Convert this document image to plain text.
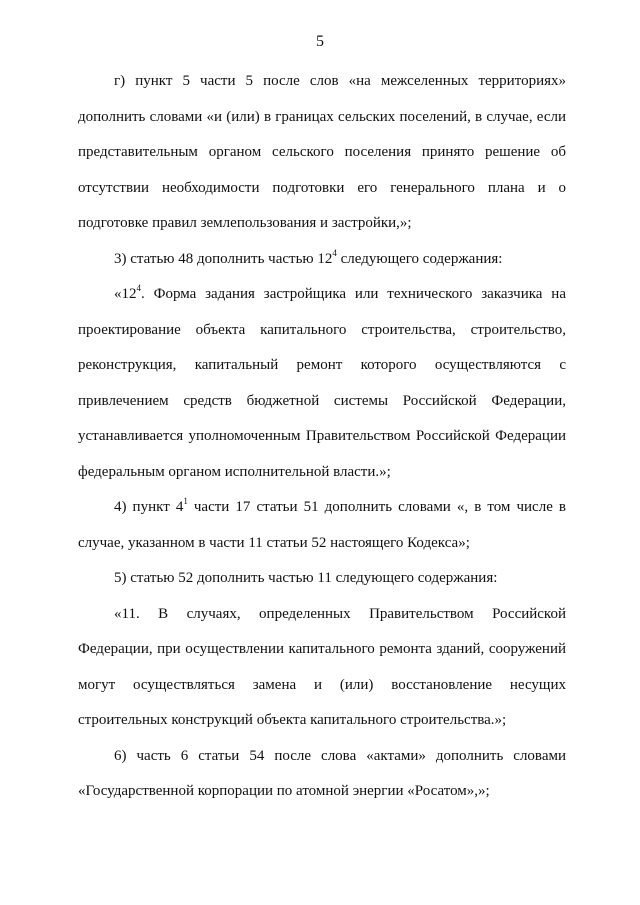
5

г) пункт 5 части 5 после слов «на межселенных территориях» дополнить словами «и (или) в границах сельских поселений, в случае, если представительным органом сельского поселения принято решение об отсутствии необходимости подготовки его генерального плана и о подготовке правил землепользования и застройки,»;

3) статью 48 дополнить частью $12^4$ следующего содержания:

«$12^4$. Форма задания застройщика или технического заказчика на проектирование объекта капитального строительства, строительство, реконструкция, капитальный ремонт которого осуществляются с привлечением средств бюджетной системы Российской Федерации, устанавливается уполномоченным Правительством Российской Федерации федеральным органом исполнительной власти.»;

4) пункт $4^1$ части 17 статьи 51 дополнить словами «, в том числе в случае, указанном в части 11 статьи 52 настоящего Кодекса»;

5) статью 52 дополнить частью 11 следующего содержания:

«11. В случаях, определенных Правительством Российской Федерации, при осуществлении капитального ремонта зданий, сооружений могут осуществляться замена и (или) восстановление несущих строительных конструкций объекта капитального строительства.»;

6) часть 6 статьи 54 после слова «актами» дополнить словами «Государственной корпорации по атомной энергии «Росатом»,»;
